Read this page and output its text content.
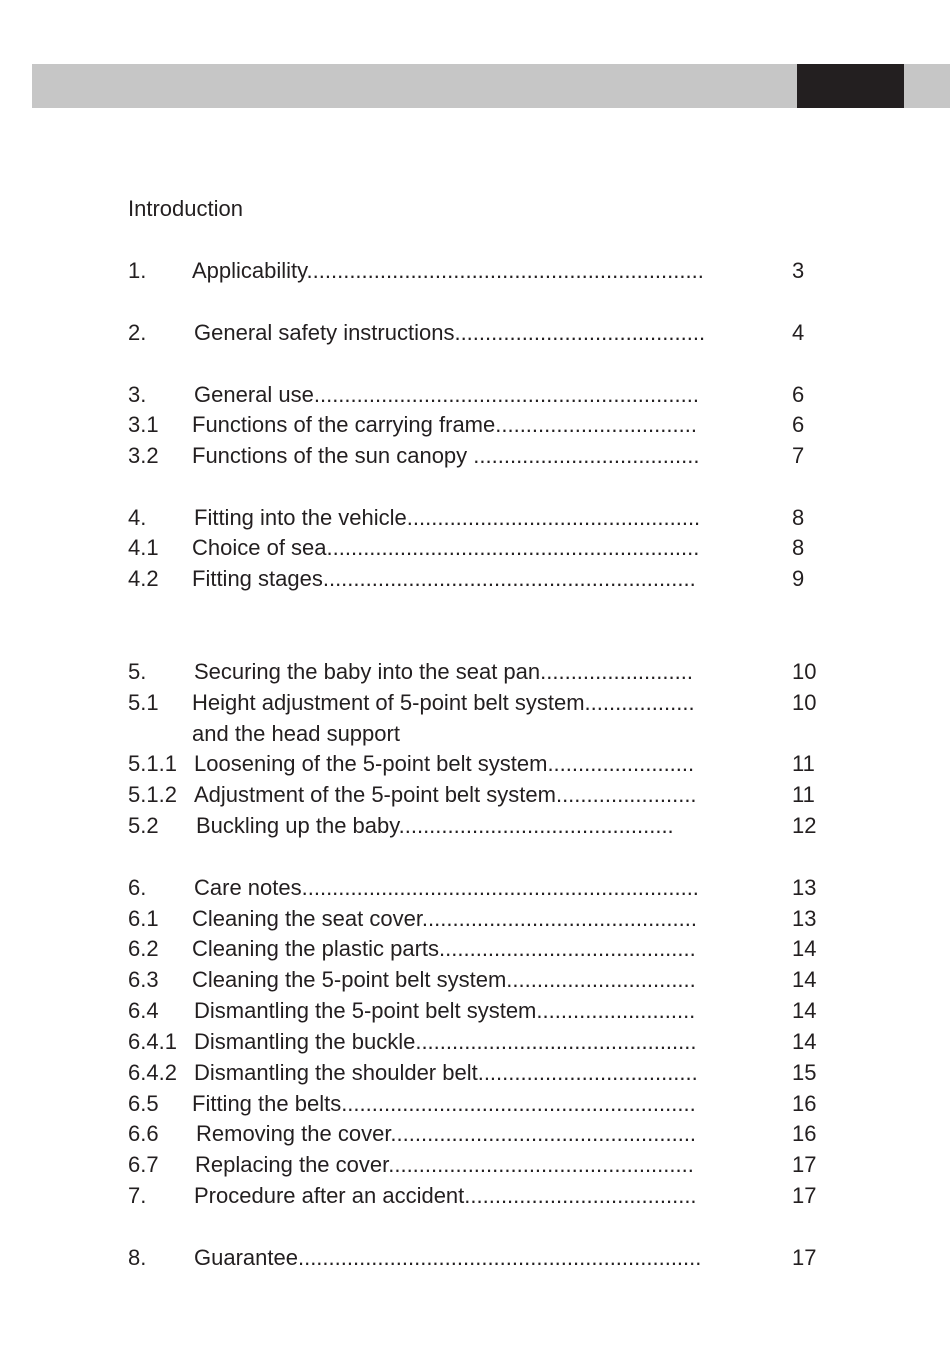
Introduction
1. Applicability.................................................................	3
2. General safety instructions.........................................	4
3. General use...............................................................	6
3.1 Functions of the carrying frame.................................	6
3.2 Functions of the sun canopy .....................................	7
4. Fitting into the vehicle................................................	8
4.1 Choice of sea.............................................................	8
4.2 Fitting stages.............................................................	9
5. Securing the baby into the seat pan.........................	10
5.1 Height adjustment of 5-point belt system..................	10
and the head support
5.1.1 Loosening of the 5-point belt system........................	11
5.1.2 Adjustment of the 5-point belt system.......................	11
5.2 Buckling up the baby.............................................	12
6. Care notes.................................................................	13
6.1 Cleaning the seat cover.............................................	13
6.2 Cleaning the plastic parts..........................................	14
6.3 Cleaning the 5-point belt system...............................	14
6.4 Dismantling the 5-point belt system..........................	14
6.4.1 Dismantling the buckle..............................................	14
6.4.2 Dismantling the shoulder belt....................................	15
6.5 Fitting the belts..........................................................	16
6.6 Removing the cover..................................................	16
6.7 Replacing the cover..................................................	17
7. Procedure after an accident......................................	17
8. Guarantee..................................................................	17
